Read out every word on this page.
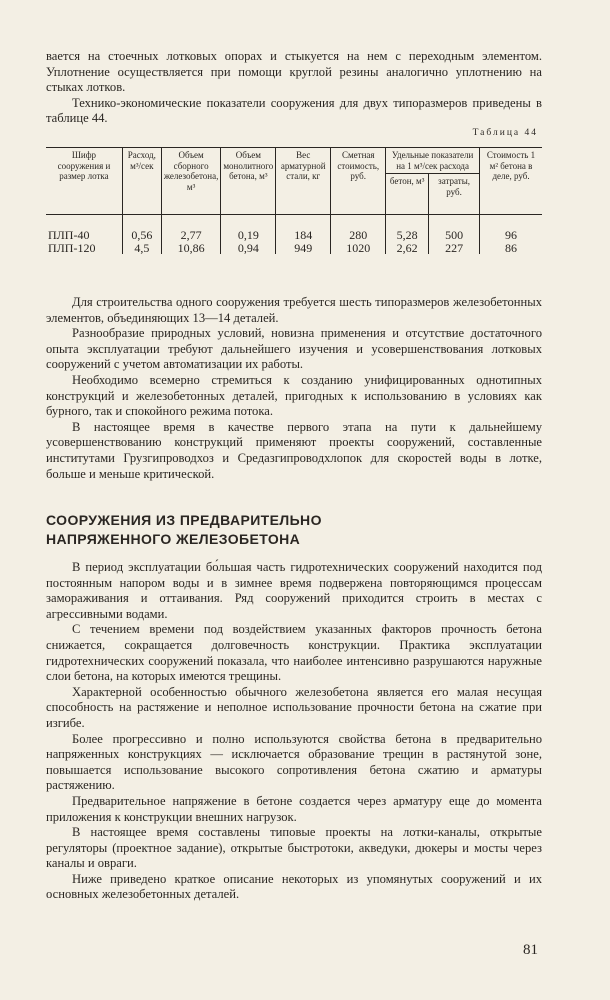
вается на стоечных лотковых опорах и стыкуется на нем с переходным элементом. Уплотнение осуществляется при помощи круглой резины аналогично уплотнению на стыках лотков.

Технико-экономические показатели сооружения для двух типоразмеров приведены в таблице 44.

Таблица 44
Шифр сооружения и размер лотка	Расход, м³/сек	Объем сборного железобетона, м³	Объем монолитного бетона, м³	Вес арматурной стали, кг	Сметная стоимость, руб.	Удельные показатели на 1 м³/сек расхода		Стоимость 1 м² бетона в деле, руб.
						бетон, м³	затраты, руб.	

ПЛП-40	0,56	2,77	0,19	184	280	5,28	500	96
ПЛП-120	4,5	10,86	0,94	949	1020	2,62	227	86

Для строительства одного сооружения требуется шесть типоразмеров железобетонных элементов, объединяющих 13—14 деталей.

Разнообразие природных условий, новизна применения и отсутствие достаточного опыта эксплуатации требуют дальнейшего изучения и усовершенствования лотковых сооружений с учетом автоматизации их работы.

Необходимо всемерно стремиться к созданию унифицированных однотипных конструкций и железобетонных деталей, пригодных к использованию в условиях как бурного, так и спокойного режима потока.

В настоящее время в качестве первого этапа на пути к дальнейшему усовершенствованию конструкций применяют проекты сооружений, составленные институтами Грузгипроводхоз и Средазгипроводхлопок для скоростей воды в лотке, больше и меньше критической.

СООРУЖЕНИЯ ИЗ ПРЕДВАРИТЕЛЬНО
НАПРЯЖЕННОГО ЖЕЛЕЗОБЕТОНА

В период эксплуатации бо́льшая часть гидротехнических сооружений находится под постоянным напором воды и в зимнее время подвержена повторяющимся процессам замораживания и оттаивания. Ряд сооружений приходится строить в местах с агрессивными водами.

С течением времени под воздействием указанных факторов прочность бетона снижается, сокращается долговечность конструкции. Практика эксплуатации гидротехнических сооружений показала, что наиболее интенсивно разрушаются наружные слои бетона, на которых имеются трещины.

Характерной особенностью обычного железобетона является его малая несущая способность на растяжение и неполное использование прочности бетона на сжатие при изгибе.

Более прогрессивно и полно используются свойства бетона в предварительно напряженных конструкциях — исключается образование трещин в растянутой зоне, повышается использование высокого сопротивления бетона сжатию и арматуры растяжению.

Предварительное напряжение в бетоне создается через арматуру еще до момента приложения к конструкции внешних нагрузок.

В настоящее время составлены типовые проекты на лотки-каналы, открытые регуляторы (проектное задание), открытые быстротоки, акведуки, дюкеры и мосты через каналы и овраги.

Ниже приведено краткое описание некоторых из упомянутых сооружений и их основных железобетонных деталей.

81
